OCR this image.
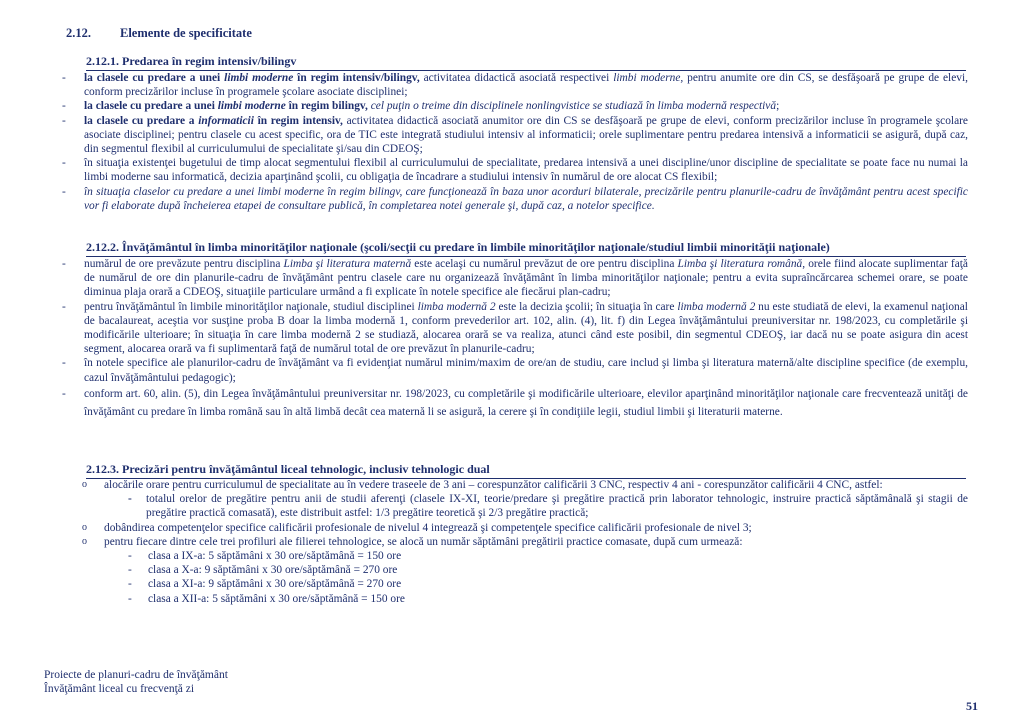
2.12. Elemente de specificitate
2.12.1. Predarea în regim intensiv/bilingv

- la clasele cu predare a unei limbi moderne în regim intensiv/bilingv, activitatea didactică asociată respectivei limbi moderne, pentru anumite ore din CS, se desfăşoară pe grupe de elevi, conform precizărilor incluse în programele şcolare asociate disciplinei;

- la clasele cu predare a unei limbi moderne în regim bilingv, cel puţin o treime din disciplinele nonlingvistice se studiază în limba modernă respectivă;

- la clasele cu predare a informaticii în regim intensiv, activitatea didactică asociată anumitor ore din CS se desfăşoară pe grupe de elevi, conform precizărilor incluse în programele şcolare asociate disciplinei; pentru clasele cu acest specific, ora de TIC este integrată studiului intensiv al informaticii; orele suplimentare pentru predarea intensivă a informaticii se asigură, după caz, din segmentul flexibil al curriculumului de specialitate şi/sau din CDEOŞ;

- în situaţia existenţei bugetului de timp alocat segmentului flexibil al curriculumului de specialitate, predarea intensivă a unei discipline/unor discipline de specialitate se poate face nu numai la limbi moderne sau informatică, decizia aparţinând şcolii, cu obligaţia de încadrare a studiului intensiv în numărul de ore alocat CS flexibil;

- în situaţia claselor cu predare a unei limbi moderne în regim bilingv, care funcţionează în baza unor acorduri bilaterale, precizările pentru planurile-cadru de învăţământ pentru acest specific vor fi elaborate după încheierea etapei de consultare publică, în completarea notei generale şi, după caz, a notelor specifice.

2.12.2. Învăţământul în limba minorităţilor naţionale (şcoli/secţii cu predare în limbile minorităţilor naţionale/studiul limbii minorităţii naţionale)

- numărul de ore prevăzute pentru disciplina Limba şi literatura maternă este acelaşi cu numărul prevăzut de ore pentru disciplina Limba şi literatura română, orele fiind alocate suplimentar faţă de numărul de ore din planurile-cadru de învăţământ pentru clasele care nu organizează învăţământ în limba minorităţilor naţionale; pentru a evita supraîncărcarea schemei orare, se poate diminua plaja orară a CDEOŞ, situaţiile particulare urmând a fi explicate în notele specifice ale fiecărui plan-cadru;

- pentru învăţământul în limbile minorităţilor naţionale, studiul disciplinei limba modernă 2 este la decizia şcolii; în situaţia în care limba modernă 2 nu este studiată de elevi, la examenul naţional de bacalaureat, aceştia vor susţine proba B doar la limba modernă 1, conform prevederilor art. 102, alin. (4), lit. f) din Legea învăţământului preuniversitar nr. 198/2023, cu completările şi modificările ulterioare; în situaţia în care limba modernă 2 se studiază, alocarea orară se va realiza, atunci când este posibil, din segmentul CDEOŞ, iar dacă nu se poate asigura din acest segment, alocarea orară va fi suplimentară faţă de numărul total de ore prevăzut în planurile-cadru;

- în notele specifice ale planurilor-cadru de învăţământ va fi evidenţiat numărul minim/maxim de ore/an de studiu, care includ şi limba şi literatura maternă/alte discipline specifice (de exemplu, cazul învăţământului pedagogic);

- conform art. 60, alin. (5), din Legea învăţământului preuniversitar nr. 198/2023, cu completările şi modificările ulterioare, elevilor aparţinând minorităţilor naţionale care frecventează unităţi de învăţământ cu predare în limba română sau în altă limbă decât cea maternă li se asigură, la cerere şi în condiţiile legii, studiul limbii şi literaturii materne.

2.12.3. Precizări pentru învăţământul liceal tehnologic, inclusiv tehnologic dual

o alocările orare pentru curriculumul de specialitate au în vedere traseele de 3 ani – corespunzător calificării 3 CNC, respectiv 4 ani - corespunzător calificării 4 CNC, astfel:

- totalul orelor de pregătire pentru anii de studii aferenţi (clasele IX-XI, teorie/predare şi pregătire practică prin laborator tehnologic, instruire practică săptămânală şi stagii de pregătire practică comasată), este distribuit astfel: 1/3 pregătire teoretică şi 2/3 pregătire practică;

o dobândirea competenţelor specifice calificării profesionale de nivelul 4 integrează şi competenţele specifice calificării profesionale de nivel 3;

o pentru fiecare dintre cele trei profiluri ale filierei tehnologice, se alocă un număr săptămâni pregătirii practice comasate, după cum urmează:

- clasa a IX-a: 5 săptămâni x 30 ore/săptămână = 150 ore
- clasa a X-a: 9 săptămâni x 30 ore/săptămână = 270 ore
- clasa a XI-a: 9 săptămâni x 30 ore/săptămână = 270 ore
- clasa a XII-a: 5 săptămâni x 30 ore/săptămână = 150 ore
Proiecte de planuri-cadru de învăţământ
Învăţământ liceal cu frecvenţă zi
51
